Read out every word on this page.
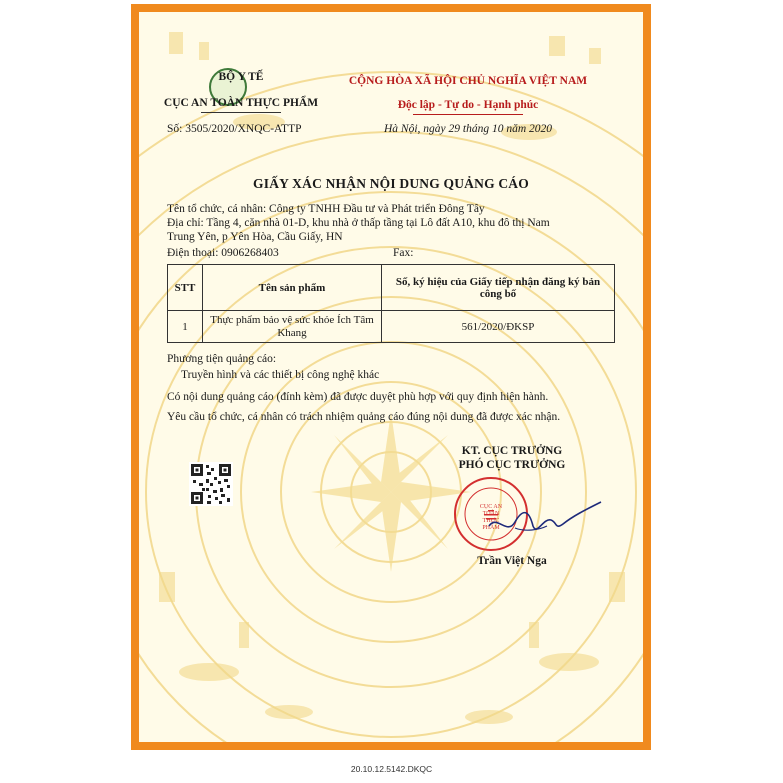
BỘ Y TẾ
CỤC AN TOÀN THỰC PHẨM
Số: 3505/2020/XNQC-ATTP
CỘNG HÒA XÃ HỘI CHỦ NGHĨA VIỆT NAM
Độc lập - Tự do - Hạnh phúc
Hà Nội, ngày 29 tháng 10 năm 2020
GIẤY XÁC NHẬN NỘI DUNG QUẢNG CÁO
Tên tổ chức, cá nhân: Công ty TNHH Đầu tư và Phát triển Đông Tây
Địa chỉ: Tầng 4, căn nhà 01-D, khu nhà ở thấp tầng tại Lô đất A10, khu đô thị Nam
Trung Yên, p Yên Hòa, Cầu Giấy, HN
Điện thoại: 0906268403	Fax:
STT	Tên sản phẩm	Số, ký hiệu của Giấy tiếp nhận đăng ký bản công bố
1	Thực phẩm bảo vệ sức khỏe Ích Tâm Khang	561/2020/ĐKSP
Phương tiện quảng cáo:
Truyền hình và các thiết bị công nghệ khác
Có nội dung quảng cáo (đính kèm) đã được duyệt phù hợp với quy định hiện hành.
Yêu cầu tổ chức, cá nhân có trách nhiệm quảng cáo đúng nội dung đã được xác nhận.
KT. CỤC TRƯỞNG
PHÓ CỤC TRƯỞNG
CỤC AN TOÀN THỰC PHẨM
Trần Việt Nga
20.10.12.5142.DKQC
